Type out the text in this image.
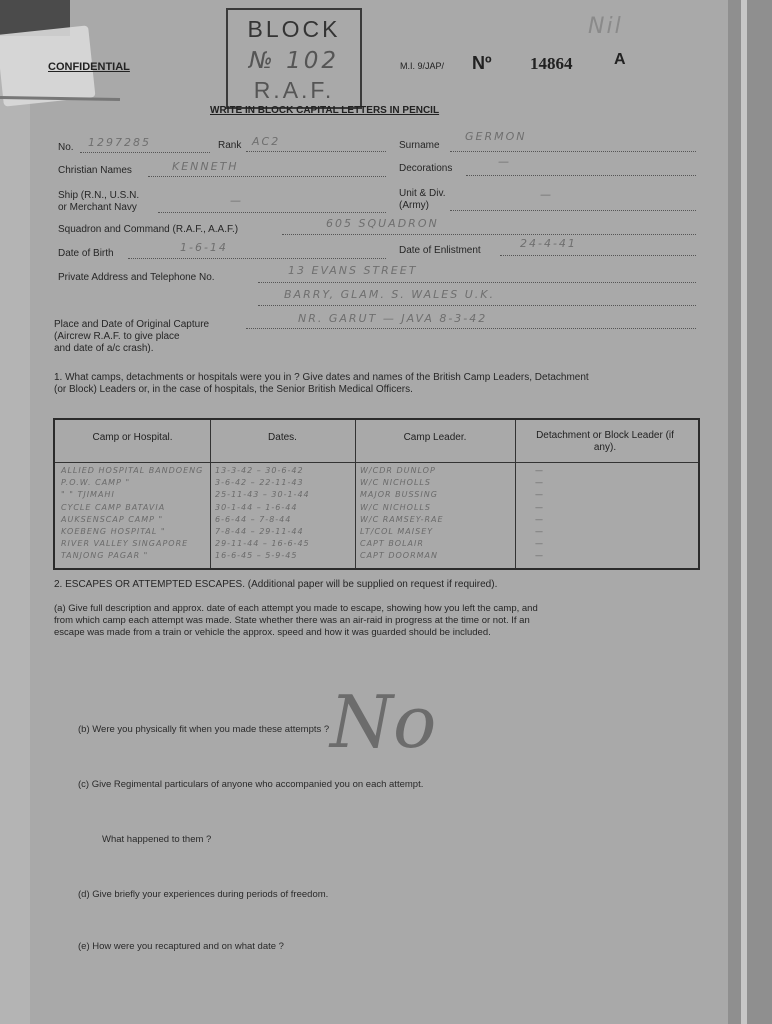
BLOCK
№ 102
R.A.F.
Nil
CONFIDENTIAL	M.I. 9/JAP/ Nº 14864	A
WRITE IN BLOCK CAPITAL LETTERS IN PENCIL
No. 1297285	Rank AC2	Surname
GERMON
Christian Names	KENNETH	Decorations
—
Ship (R.N., U.S.N.
or Merchant Navy
—
Unit & Div.
(Army)
—
Squadron and Command (R.A.F., A.A.F.)	605 SQUADRON
Date of Birth	1-6-14	Date of Enlistment
24-4-41
Private Address and Telephone No.
13 EVANS STREET
BARRY, GLAM. S. WALES U.K.
Place and Date of Original Capture
(Aircrew R.A.F. to give place
and date of a/c crash).
NR. GARUT — JAVA 8-3-42
1. What camps, detachments or hospitals were you in ? Give dates and names of the British Camp Leaders, Detachment
(or Block) Leaders or, in the case of hospitals, the Senior British Medical Officers.
Camp or Hospital.	Dates.	Camp Leader.	Detachment or Block Leader (if any).
ALLIED HOSPITAL BANDOENG 13-3-42 – 30-6-42	W/CDR DUNLOP	—
P.O.W. CAMP "	3-6-42 – 22-11-43	W/C NICHOLLS	—
" " TJIMAHI	25-11-43 – 30-1-44	MAJOR BUSSING	—
CYCLE CAMP BATAVIA	30-1-44 – 1-6-44	W/C NICHOLLS	—
AUKSENSCAP CAMP "	6-6-44 – 7-8-44	W/C RAMSEY-RAE	—
KOEBENG HOSPITAL "	7-8-44 – 29-11-44	LT/COL MAISEY	—
RIVER VALLEY SINGAPORE	29-11-44 – 16-6-45	CAPT BOLAIR	—
TANJONG PAGAR "	16-6-45 – 5-9-45	CAPT DOORMAN	—
2. ESCAPES OR ATTEMPTED ESCAPES. (Additional paper will be supplied on request if required).
(a) Give full description and approx. date of each attempt you made to escape, showing how you left the camp, and
from which camp each attempt was made. State whether there was an air-raid in progress at the time or not. If an
escape was made from a train or vehicle the approx. speed and how it was guarded should be included.
No
(b) Were you physically fit when you made these attempts ?
(c) Give Regimental particulars of anyone who accompanied you on each attempt.
What happened to them ?
(d) Give briefly your experiences during periods of freedom.
(e) How were you recaptured and on what date ?
